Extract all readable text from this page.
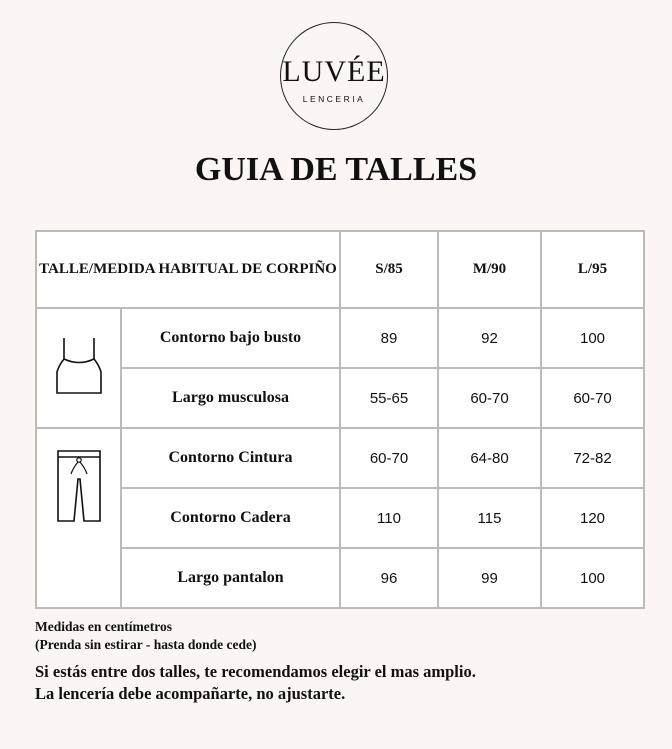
LUVÉE
LENCERIA
GUIA DE TALLES
TALLE/MEDIDA HABITUAL DE CORPIÑO		S/85	M/90	L/95

	Contorno bajo busto	89	92	100
	Largo musculosa	55-65	60-70	60-70

	Contorno Cintura	60-70	64-80	72-82
	Contorno Cadera	110	115	120
	Largo pantalon	96	99	100
Medidas en centímetros
(Prenda sin estirar - hasta donde cede)
Si estás entre dos talles, te recomendamos elegir el mas amplio.
La lencería debe acompañarte, no ajustarte.
